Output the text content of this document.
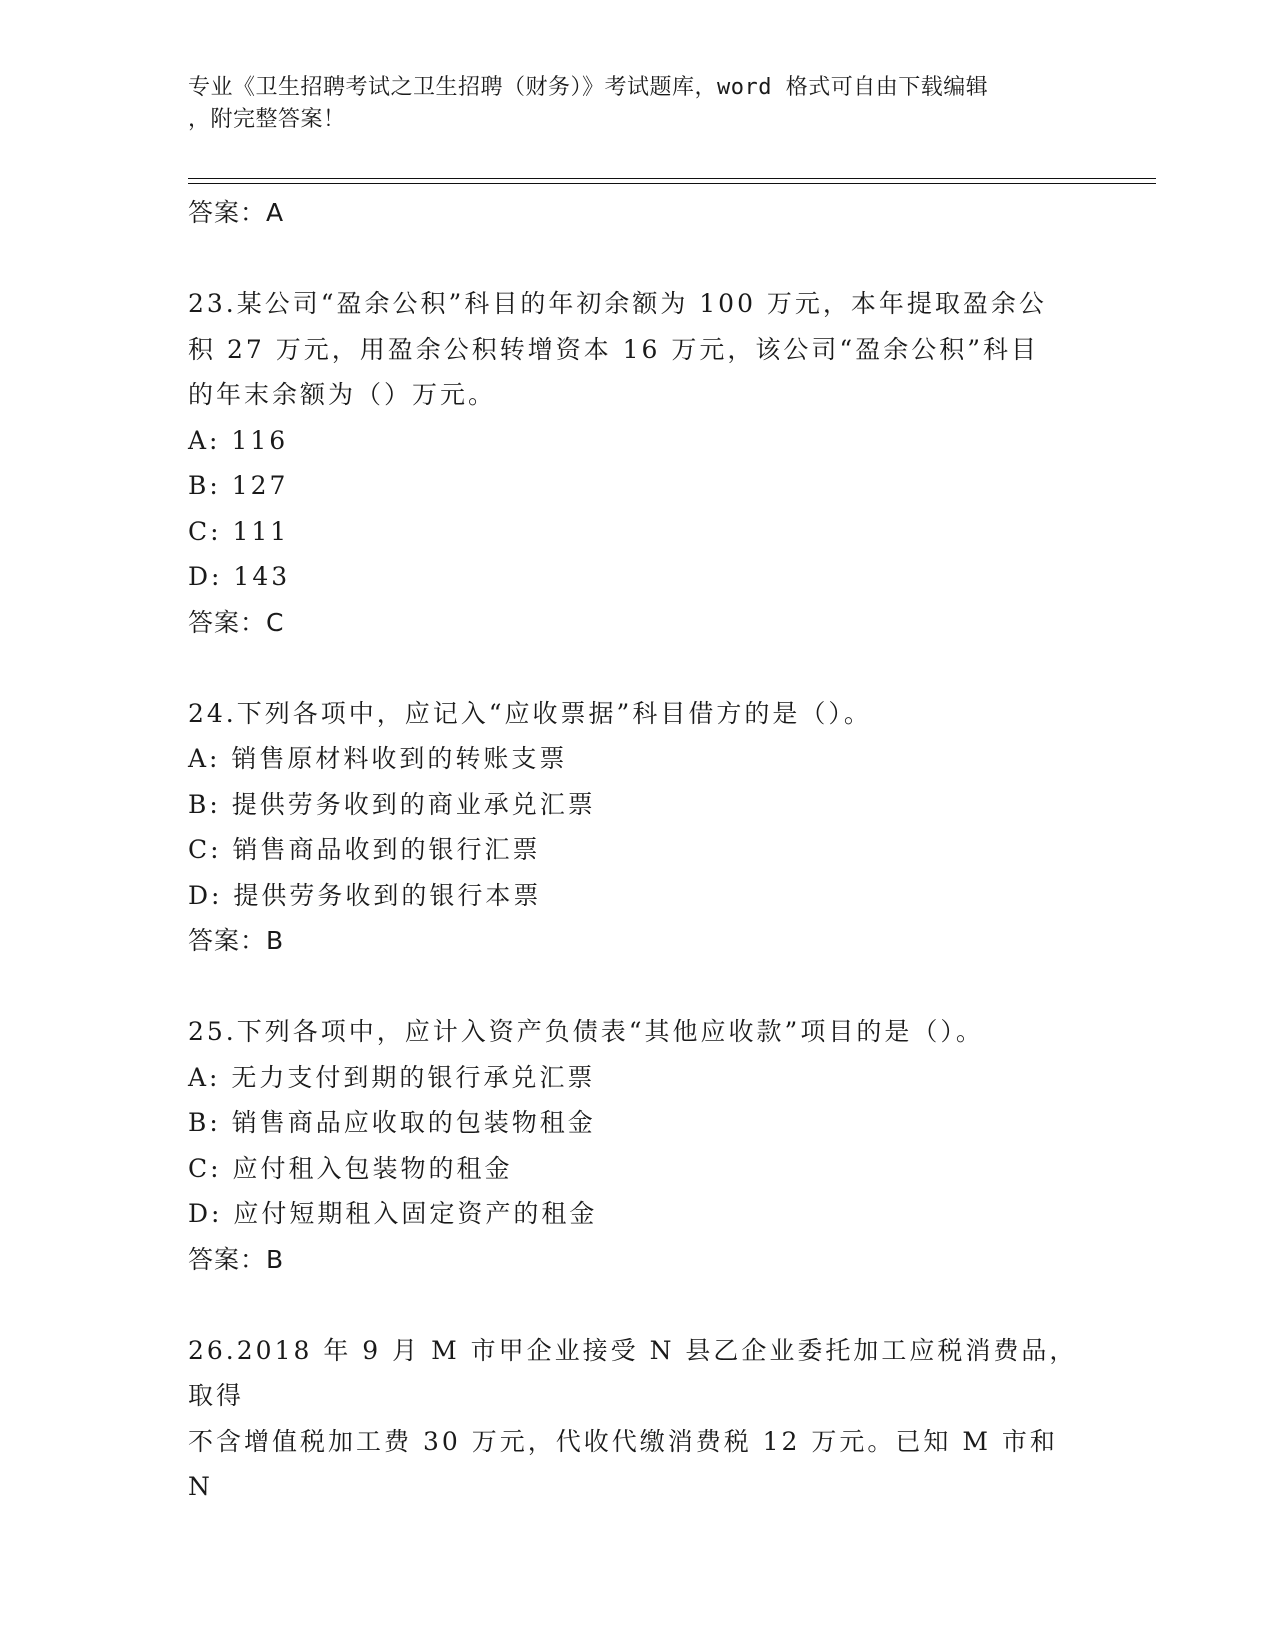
专业《卫生招聘考试之卫生招聘（财务）》考试题库，word 格式可自由下载编辑
，附完整答案！
答案：A
23.某公司“盈余公积”科目的年初余额为 100 万元，本年提取盈余公
积 27 万元，用盈余公积转增资本 16 万元，该公司“盈余公积”科目
的年末余额为（）万元。
A: 116
B: 127
C: 111
D: 143
答案：C
24.下列各项中，应记入“应收票据”科目借方的是（）。
A: 销售原材料收到的转账支票
B: 提供劳务收到的商业承兑汇票
C: 销售商品收到的银行汇票
D: 提供劳务收到的银行本票
答案：B
25.下列各项中，应计入资产负债表“其他应收款”项目的是（）。
A: 无力支付到期的银行承兑汇票
B: 销售商品应收取的包装物租金
C: 应付租入包装物的租金
D: 应付短期租入固定资产的租金
答案：B
26.2018 年 9 月 M 市甲企业接受 N 县乙企业委托加工应税消费品，取得
不含增值税加工费 30 万元，代收代缴消费税 12 万元。已知 M 市和 N
